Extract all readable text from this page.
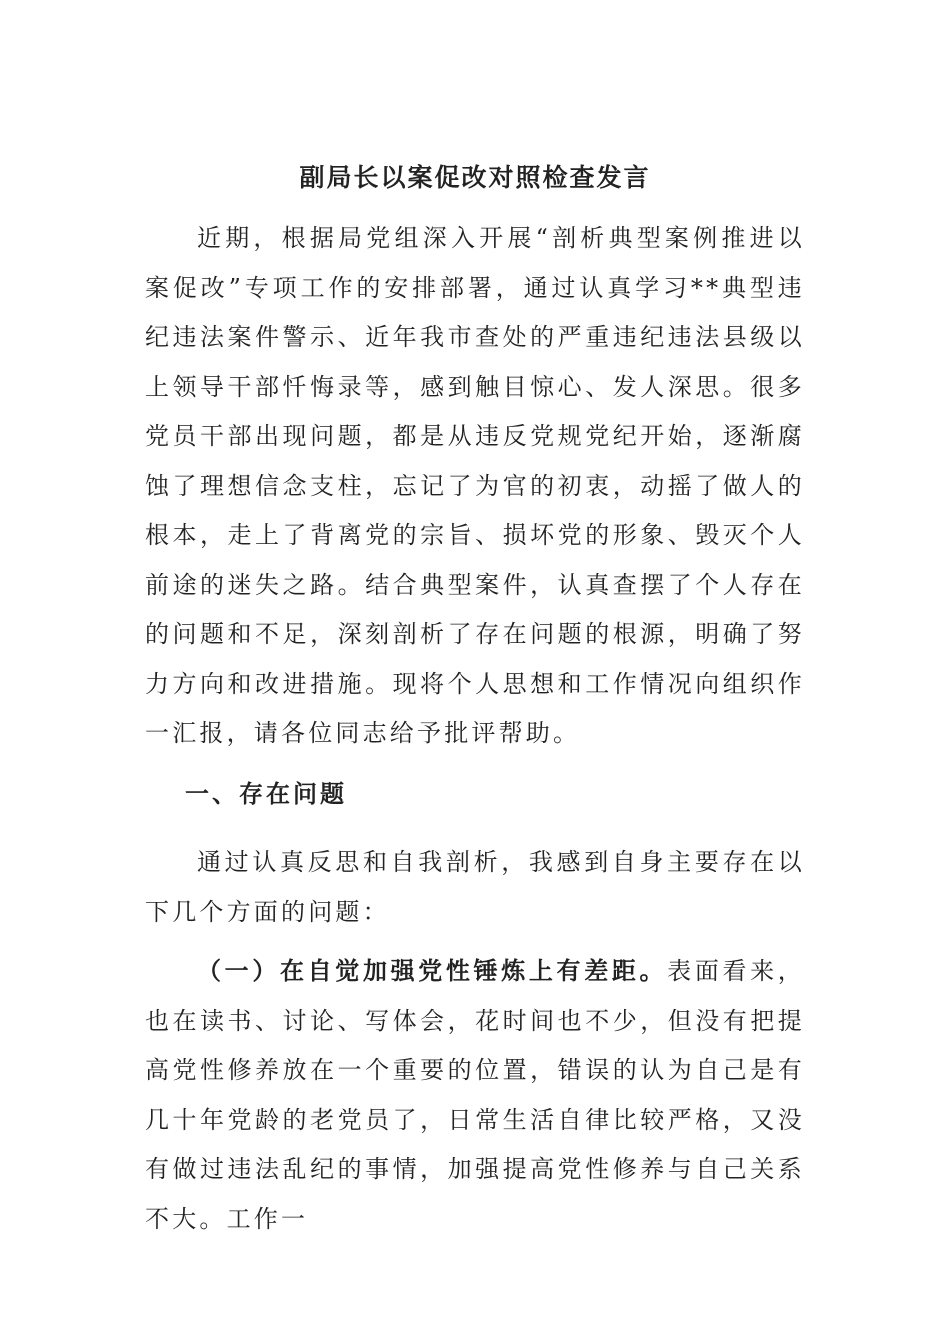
副局长以案促改对照检查发言

近期，根据局党组深入开展“剖析典型案例推进以案促改”专项工作的安排部署，通过认真学习**典型违纪违法案件警示、近年我市查处的严重违纪违法县级以上领导干部忏悔录等，感到触目惊心、发人深思。很多党员干部出现问题，都是从违反党规党纪开始，逐渐腐蚀了理想信念支柱，忘记了为官的初衷，动摇了做人的根本，走上了背离党的宗旨、损坏党的形象、毁灭个人前途的迷失之路。结合典型案件，认真查摆了个人存在的问题和不足，深刻剖析了存在问题的根源，明确了努力方向和改进措施。现将个人思想和工作情况向组织作一汇报，请各位同志给予批评帮助。

一、存在问题

通过认真反思和自我剖析，我感到自身主要存在以下几个方面的问题：

（一）在自觉加强党性锤炼上有差距。表面看来，也在读书、讨论、写体会，花时间也不少，但没有把提高党性修养放在一个重要的位置，错误的认为自己是有几十年党龄的老党员了，日常生活自律比较严格，又没有做过违法乱纪的事情，加强提高党性修养与自己关系不大。工作一
